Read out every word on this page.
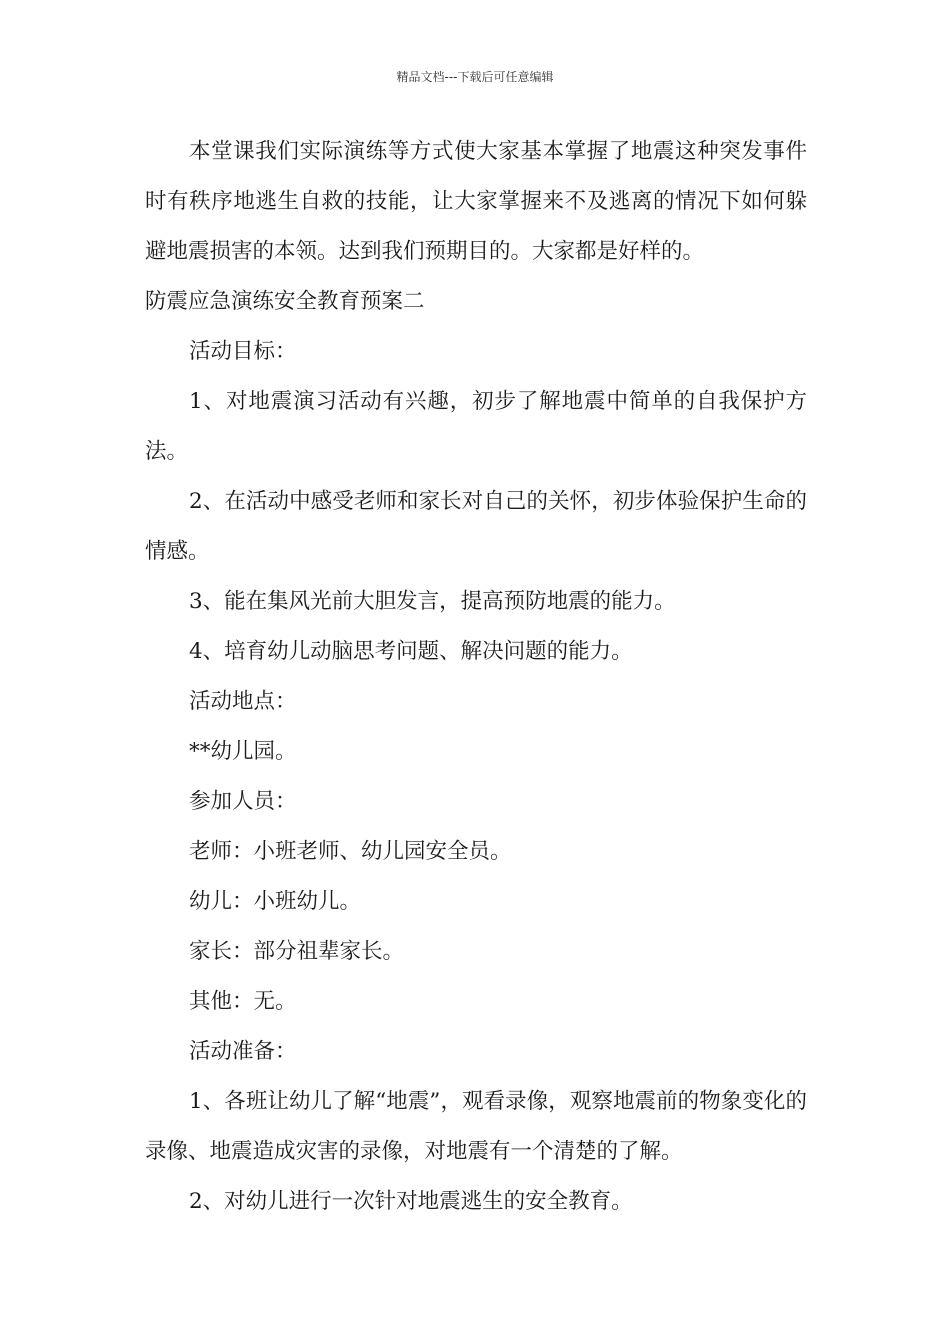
精品文档---下载后可任意编辑

本堂课我们实际演练等方式使大家基本掌握了地震这种突发事件时有秩序地逃生自救的技能，让大家掌握来不及逃离的情况下如何躲避地震损害的本领。达到我们预期目的。大家都是好样的。

防震应急演练安全教育预案二

活动目标：

1、对地震演习活动有兴趣，初步了解地震中简单的自我保护方法。

2、在活动中感受老师和家长对自己的关怀，初步体验保护生命的情感。

3、能在集风光前大胆发言，提高预防地震的能力。

4、培育幼儿动脑思考问题、解决问题的能力。

活动地点：

**幼儿园。

参加人员：

老师：小班老师、幼儿园安全员。

幼儿：小班幼儿。

家长：部分祖辈家长。

其他：无。

活动准备：

1、各班让幼儿了解“地震”，观看录像，观察地震前的物象变化的录像、地震造成灾害的录像，对地震有一个清楚的了解。

2、对幼儿进行一次针对地震逃生的安全教育。
